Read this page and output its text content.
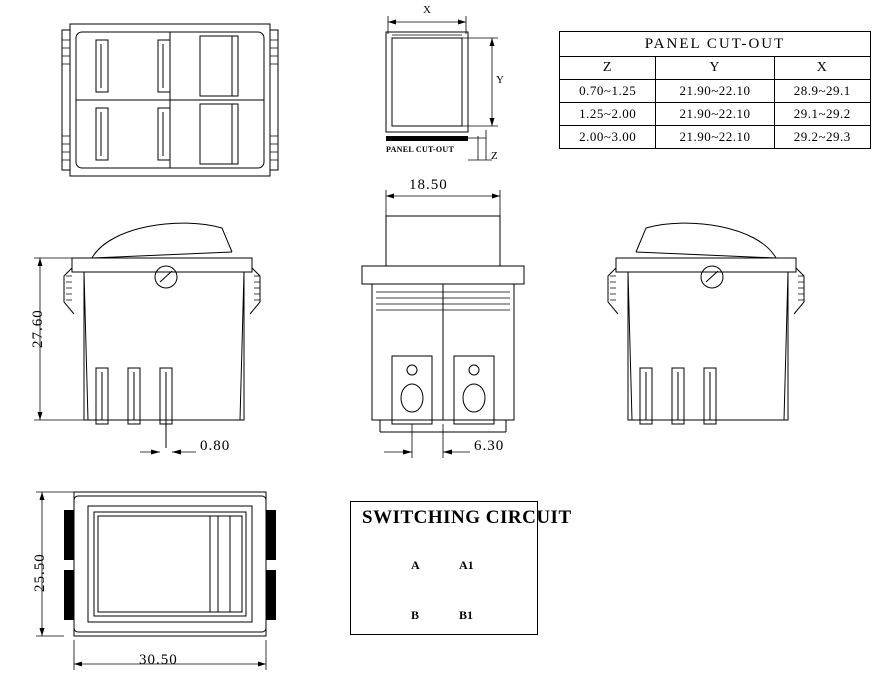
PANEL CUT-OUT		
Z	Y	X
0.70~1.25	21.90~22.10	28.9~29.1
1.25~2.00	21.90~22.10	29.1~29.2
2.00~3.00	21.90~22.10	29.2~29.3
X
Y
Z
PANEL CUT-OUT
27.60
0.80
18.50
6.30
25.50
30.50
SWITCHING CIRCUIT
A	A1
B	B1
